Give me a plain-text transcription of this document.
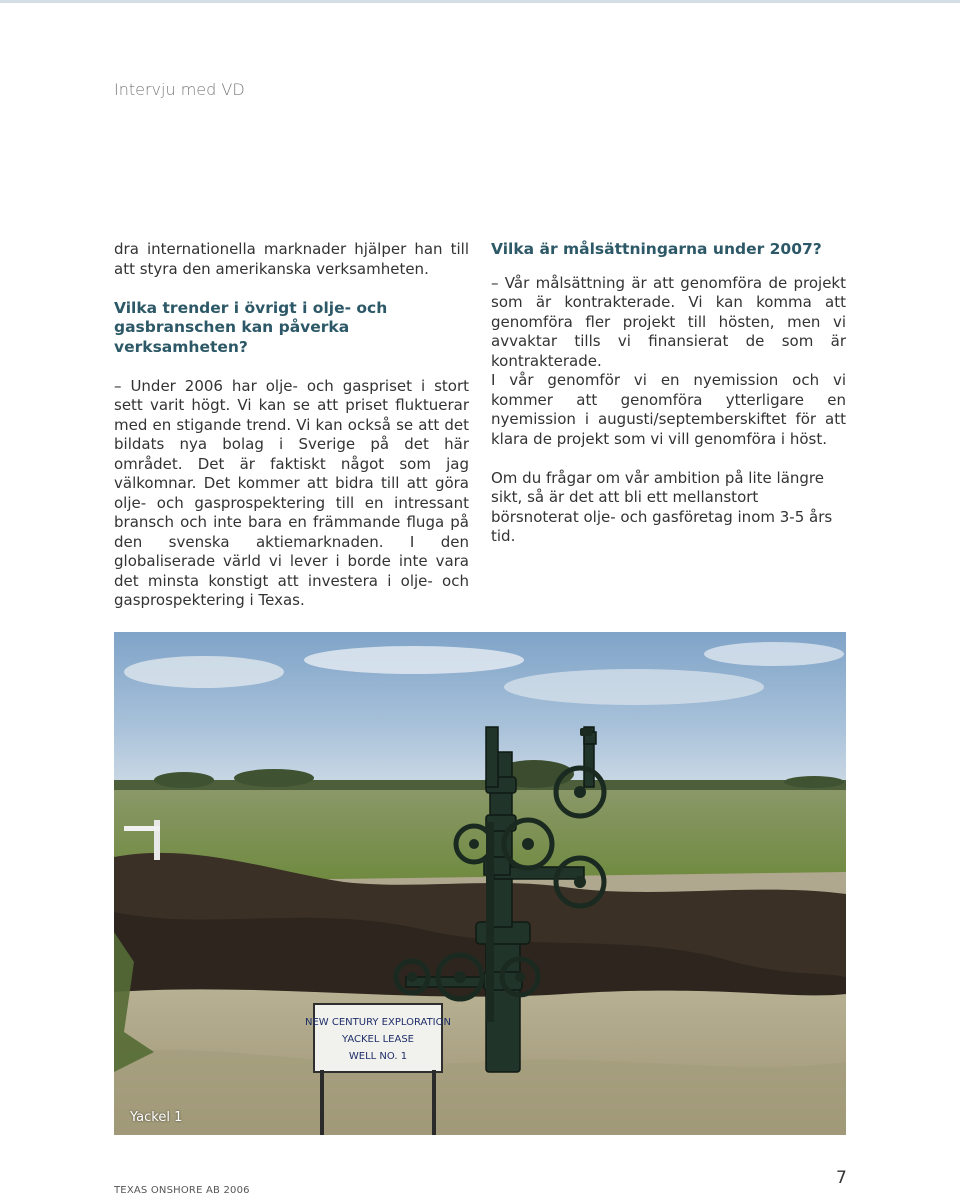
Intervju med VD

dra internationella marknader hjälper han till att styra den amerikanska verksamheten.

Vilka trender i övrigt i olje- och gasbranschen kan påverka verksamheten?

– Under 2006 har olje- och gaspriset i stort sett varit högt. Vi kan se att priset fluktuerar med en stigande trend. Vi kan också se att det bildats nya bolag i Sverige på det här området. Det är faktiskt något som jag välkomnar. Det kommer att bidra till att göra olje- och gasprospektering till en intressant bransch och inte bara en främmande fluga på den svenska aktiemarknaden. I den globaliserade värld vi lever i borde inte vara det minsta konstigt att investera i olje- och gasprospektering i Texas.

Vilka är målsättningarna under 2007?

– Vår målsättning är att genomföra de projekt som är kontrakterade. Vi kan komma att genomföra fler projekt till hösten, men vi avvaktar tills vi finansierat de som är kontrakterade.

I vår genomför vi en nyemission och vi kommer att genomföra ytterligare en nyemission i augusti/septemberskiftet för att klara de projekt som vi vill genomföra i höst.

Om du frågar om vår ambition på lite längre sikt, så är det att bli ett mellanstort börsnoterat olje- och gasföretag inom 3-5 års tid.

NEW CENTURY EXPLORATION
YACKEL LEASE
WELL NO. 1
Yackel 1
TEXAS ONSHORE AB 2006
7
